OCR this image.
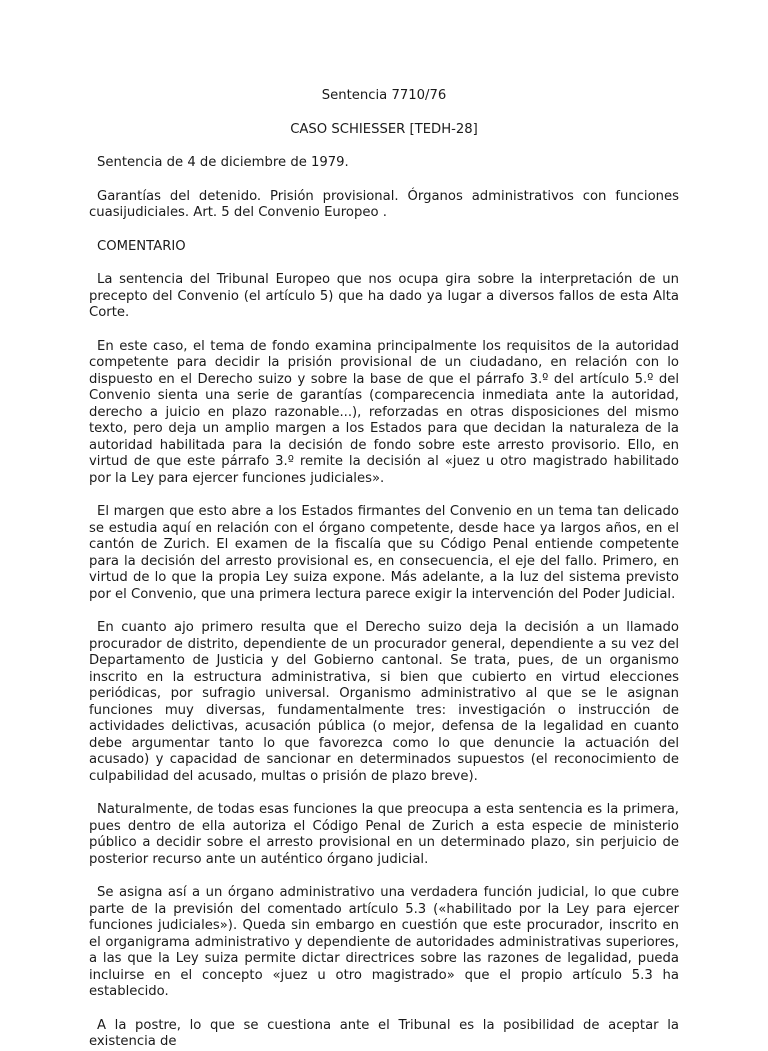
Sentencia 7710/76

CASO SCHIESSER [TEDH-28]

Sentencia de 4 de diciembre de 1979.

Garantías del detenido. Prisión provisional. Órganos administrativos con funciones cuasijudiciales. Art. 5 del Convenio Europeo .

COMENTARIO

La sentencia del Tribunal Europeo que nos ocupa gira sobre la interpretación de un precepto del Convenio (el artículo 5) que ha dado ya lugar a diversos fallos de esta Alta Corte.

En este caso, el tema de fondo examina principalmente los requisitos de la autoridad competente para decidir la prisión provisional de un ciudadano, en relación con lo dispuesto en el Derecho suizo y sobre la base de que el párrafo 3.º del artículo 5.º del Convenio sienta una serie de garantías (comparecencia inmediata ante la autoridad, derecho a juicio en plazo razonable...), reforzadas en otras disposiciones del mismo texto, pero deja un amplio margen a los Estados para que decidan la naturaleza de la autoridad habilitada para la decisión de fondo sobre este arresto provisorio. Ello, en virtud de que este párrafo 3.º remite la decisión al «juez u otro magistrado habilitado por la Ley para ejercer funciones judiciales».

El margen que esto abre a los Estados firmantes del Convenio en un tema tan delicado se estudia aquí en relación con el órgano competente, desde hace ya largos años, en el cantón de Zurich. El examen de la fiscalía que su Código Penal entiende competente para la decisión del arresto provisional es, en consecuencia, el eje del fallo. Primero, en virtud de lo que la propia Ley suiza expone. Más adelante, a la luz del sistema previsto por el Convenio, que una primera lectura parece exigir la intervención del Poder Judicial.

En cuanto ajo primero resulta que el Derecho suizo deja la decisión a un llamado procurador de distrito, dependiente de un procurador general, dependiente a su vez del Departamento de Justicia y del Gobierno cantonal. Se trata, pues, de un organismo inscrito en la estructura administrativa, si bien que cubierto en virtud elecciones periódicas, por sufragio universal. Organismo administrativo al que se le asignan funciones muy diversas, fundamentalmente tres: investigación o instrucción de actividades delictivas, acusación pública (o mejor, defensa de la legalidad en cuanto debe argumentar tanto lo que favorezca como lo que denuncie la actuación del acusado) y capacidad de sancionar en determinados supuestos (el reconocimiento de culpabilidad del acusado, multas o prisión de plazo breve).

Naturalmente, de todas esas funciones la que preocupa a esta sentencia es la primera, pues dentro de ella autoriza el Código Penal de Zurich a esta especie de ministerio público a decidir sobre el arresto provisional en un determinado plazo, sin perjuicio de posterior recurso ante un auténtico órgano judicial.

Se asigna así a un órgano administrativo una verdadera función judicial, lo que cubre parte de la previsión del comentado artículo 5.3 («habilitado por la Ley para ejercer funciones judiciales»). Queda sin embargo en cuestión que este procurador, inscrito en el organigrama administrativo y dependiente de autoridades administrativas superiores, a las que la Ley suiza permite dictar directrices sobre las razones de legalidad, pueda incluirse en el concepto «juez u otro magistrado» que el propio artículo 5.3 ha establecido.

A la postre, lo que se cuestiona ante el Tribunal es la posibilidad de aceptar la existencia de
